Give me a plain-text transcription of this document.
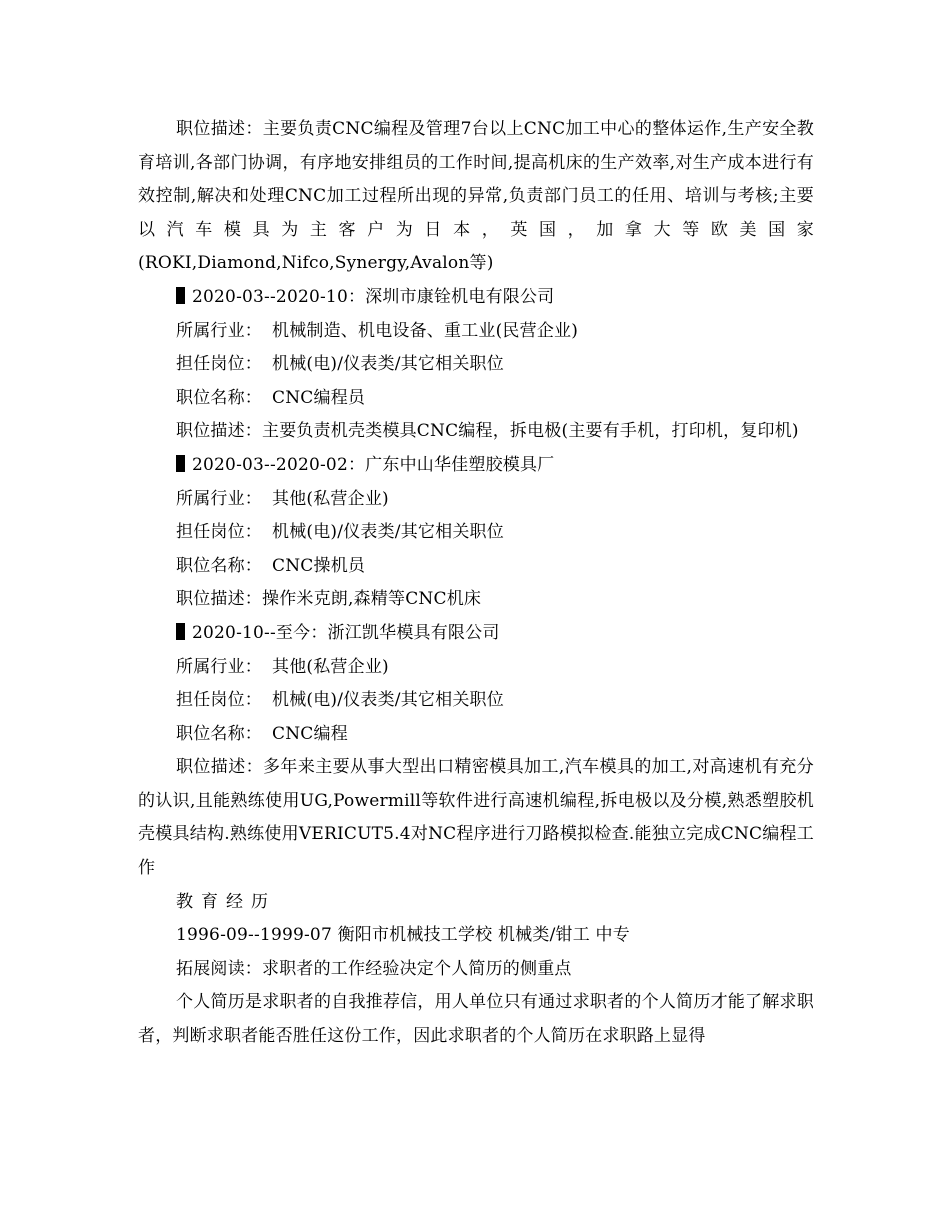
职位描述：主要负责CNC编程及管理7台以上CNC加工中心的整体运作,生产安全教育培训,各部门协调，有序地安排组员的工作时间,提高机床的生产效率,对生产成本进行有效控制,解决和处理CNC加工过程所出现的异常,负责部门员工的任用、培训与考核;主要以汽车模具为主客户为日本，英国，加拿大等欧美国家(ROKI,Diamond,Nifco,Synergy,Avalon等)

2020-03--2020-10：深圳市康铨机电有限公司

所属行业： 机械制造、机电设备、重工业(民营企业)

担任岗位： 机械(电)/仪表类/其它相关职位

职位名称： CNC编程员

职位描述：主要负责机壳类模具CNC编程，拆电极(主要有手机，打印机，复印机)

2020-03--2020-02：广东中山华佳塑胶模具厂

所属行业： 其他(私营企业)

担任岗位： 机械(电)/仪表类/其它相关职位

职位名称： CNC操机员

职位描述：操作米克朗,森精等CNC机床

2020-10--至今：浙江凯华模具有限公司

所属行业： 其他(私营企业)

担任岗位： 机械(电)/仪表类/其它相关职位

职位名称： CNC编程

职位描述：多年来主要从事大型出口精密模具加工,汽车模具的加工,对高速机有充分的认识,且能熟练使用UG,Powermill等软件进行高速机编程,拆电极以及分模,熟悉塑胶机壳模具结构.熟练使用VERICUT5.4对NC程序进行刀路模拟检查.能独立完成CNC编程工作

教育经历

1996-09--1999-07 衡阳市机械技工学校 机械类/钳工 中专

拓展阅读：求职者的工作经验决定个人简历的侧重点

个人简历是求职者的自我推荐信，用人单位只有通过求职者的个人简历才能了解求职者，判断求职者能否胜任这份工作，因此求职者的个人简历在求职路上显得
